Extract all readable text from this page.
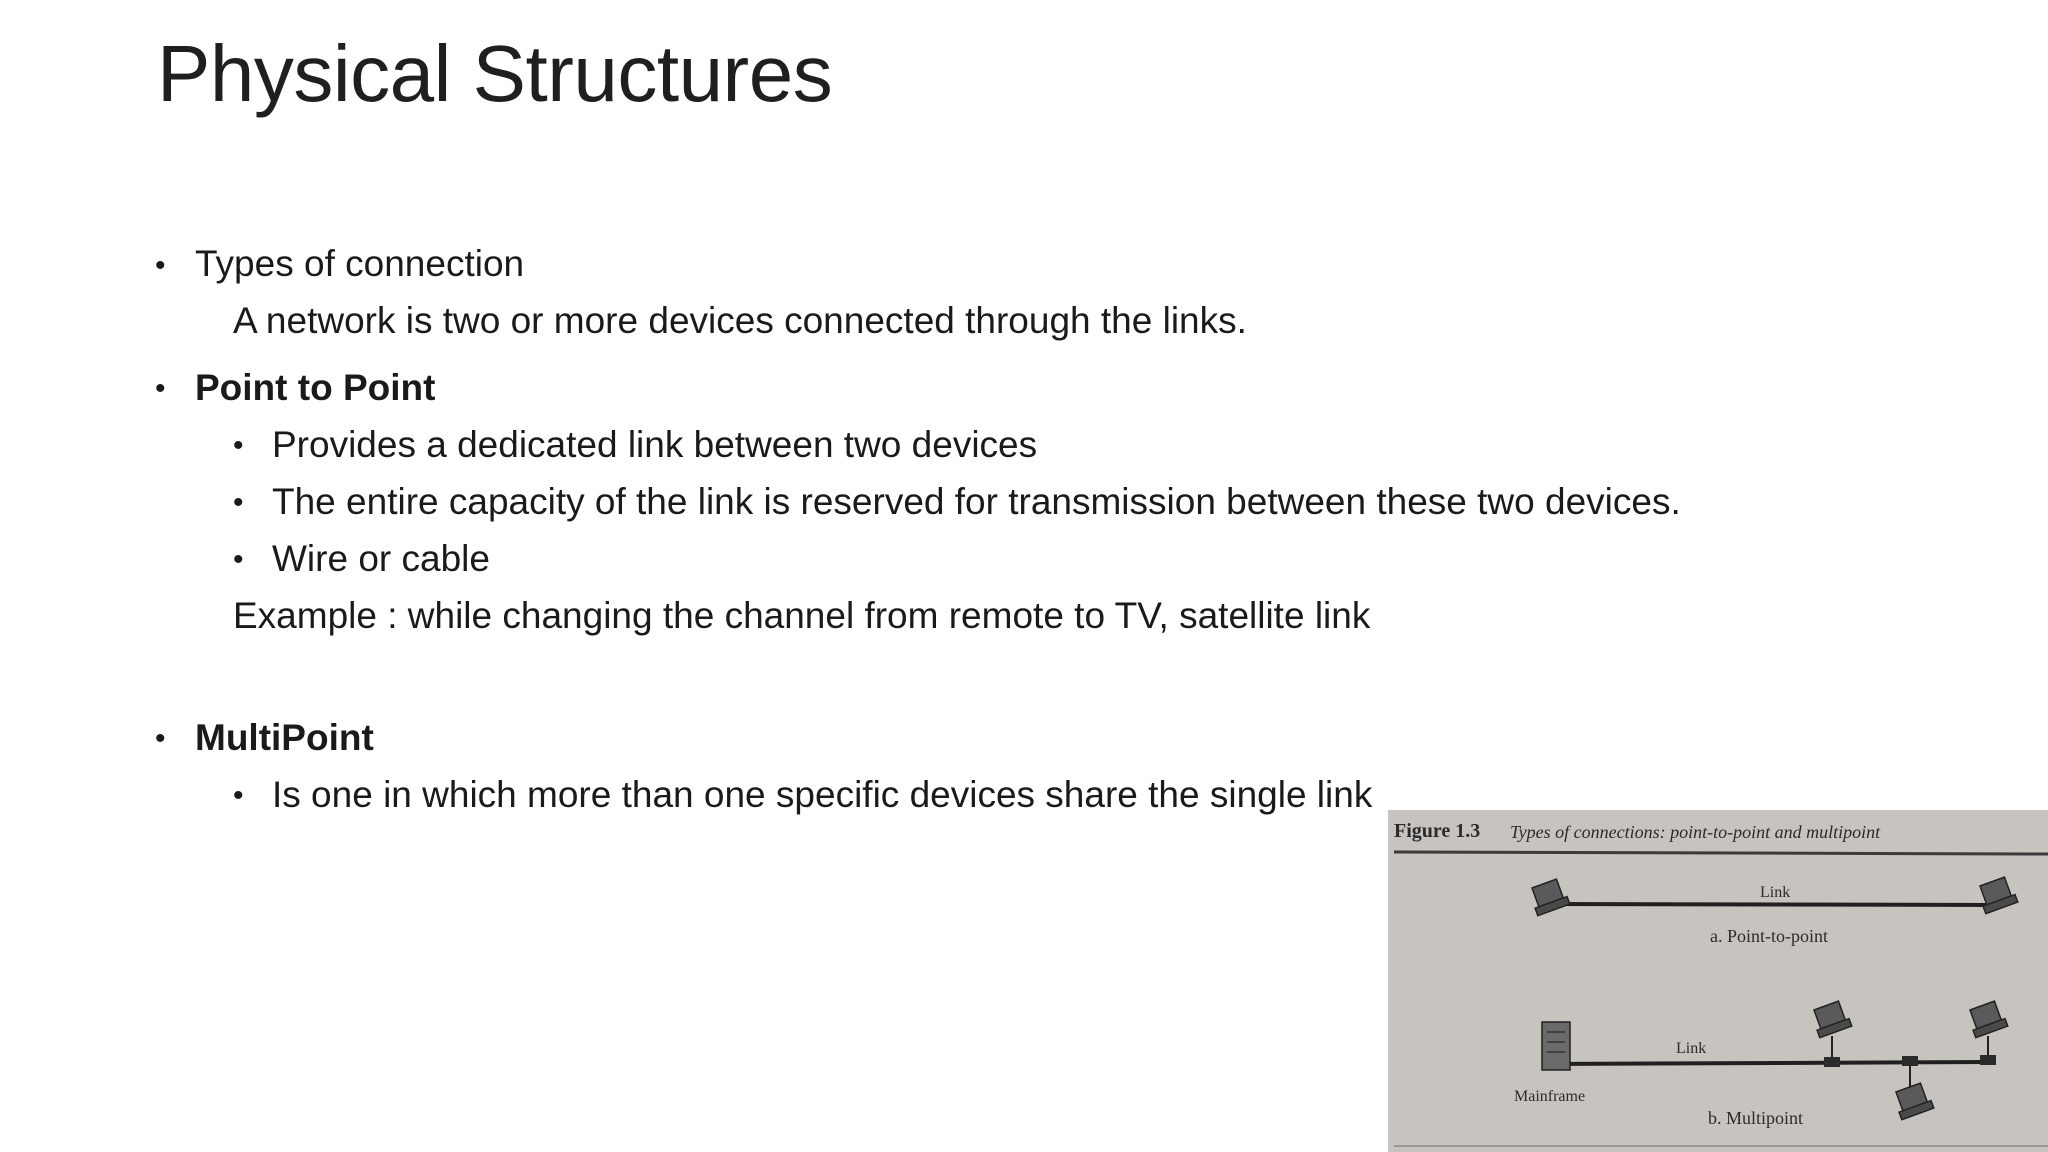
Physical Structures
• Types of connection
A network is two or more devices connected through the links.
• Point to Point
• Provides a dedicated link between two devices
• The entire capacity of the link is reserved for transmission between these two devices.
• Wire or cable
Example : while changing the channel from remote to TV, satellite link
• MultiPoint
• Is one in which more than one specific devices share the single link
Figure 1.3 Types of connections: point-to-point and multipoint
Link
a. Point-to-point
Link
Mainframe
b. Multipoint
